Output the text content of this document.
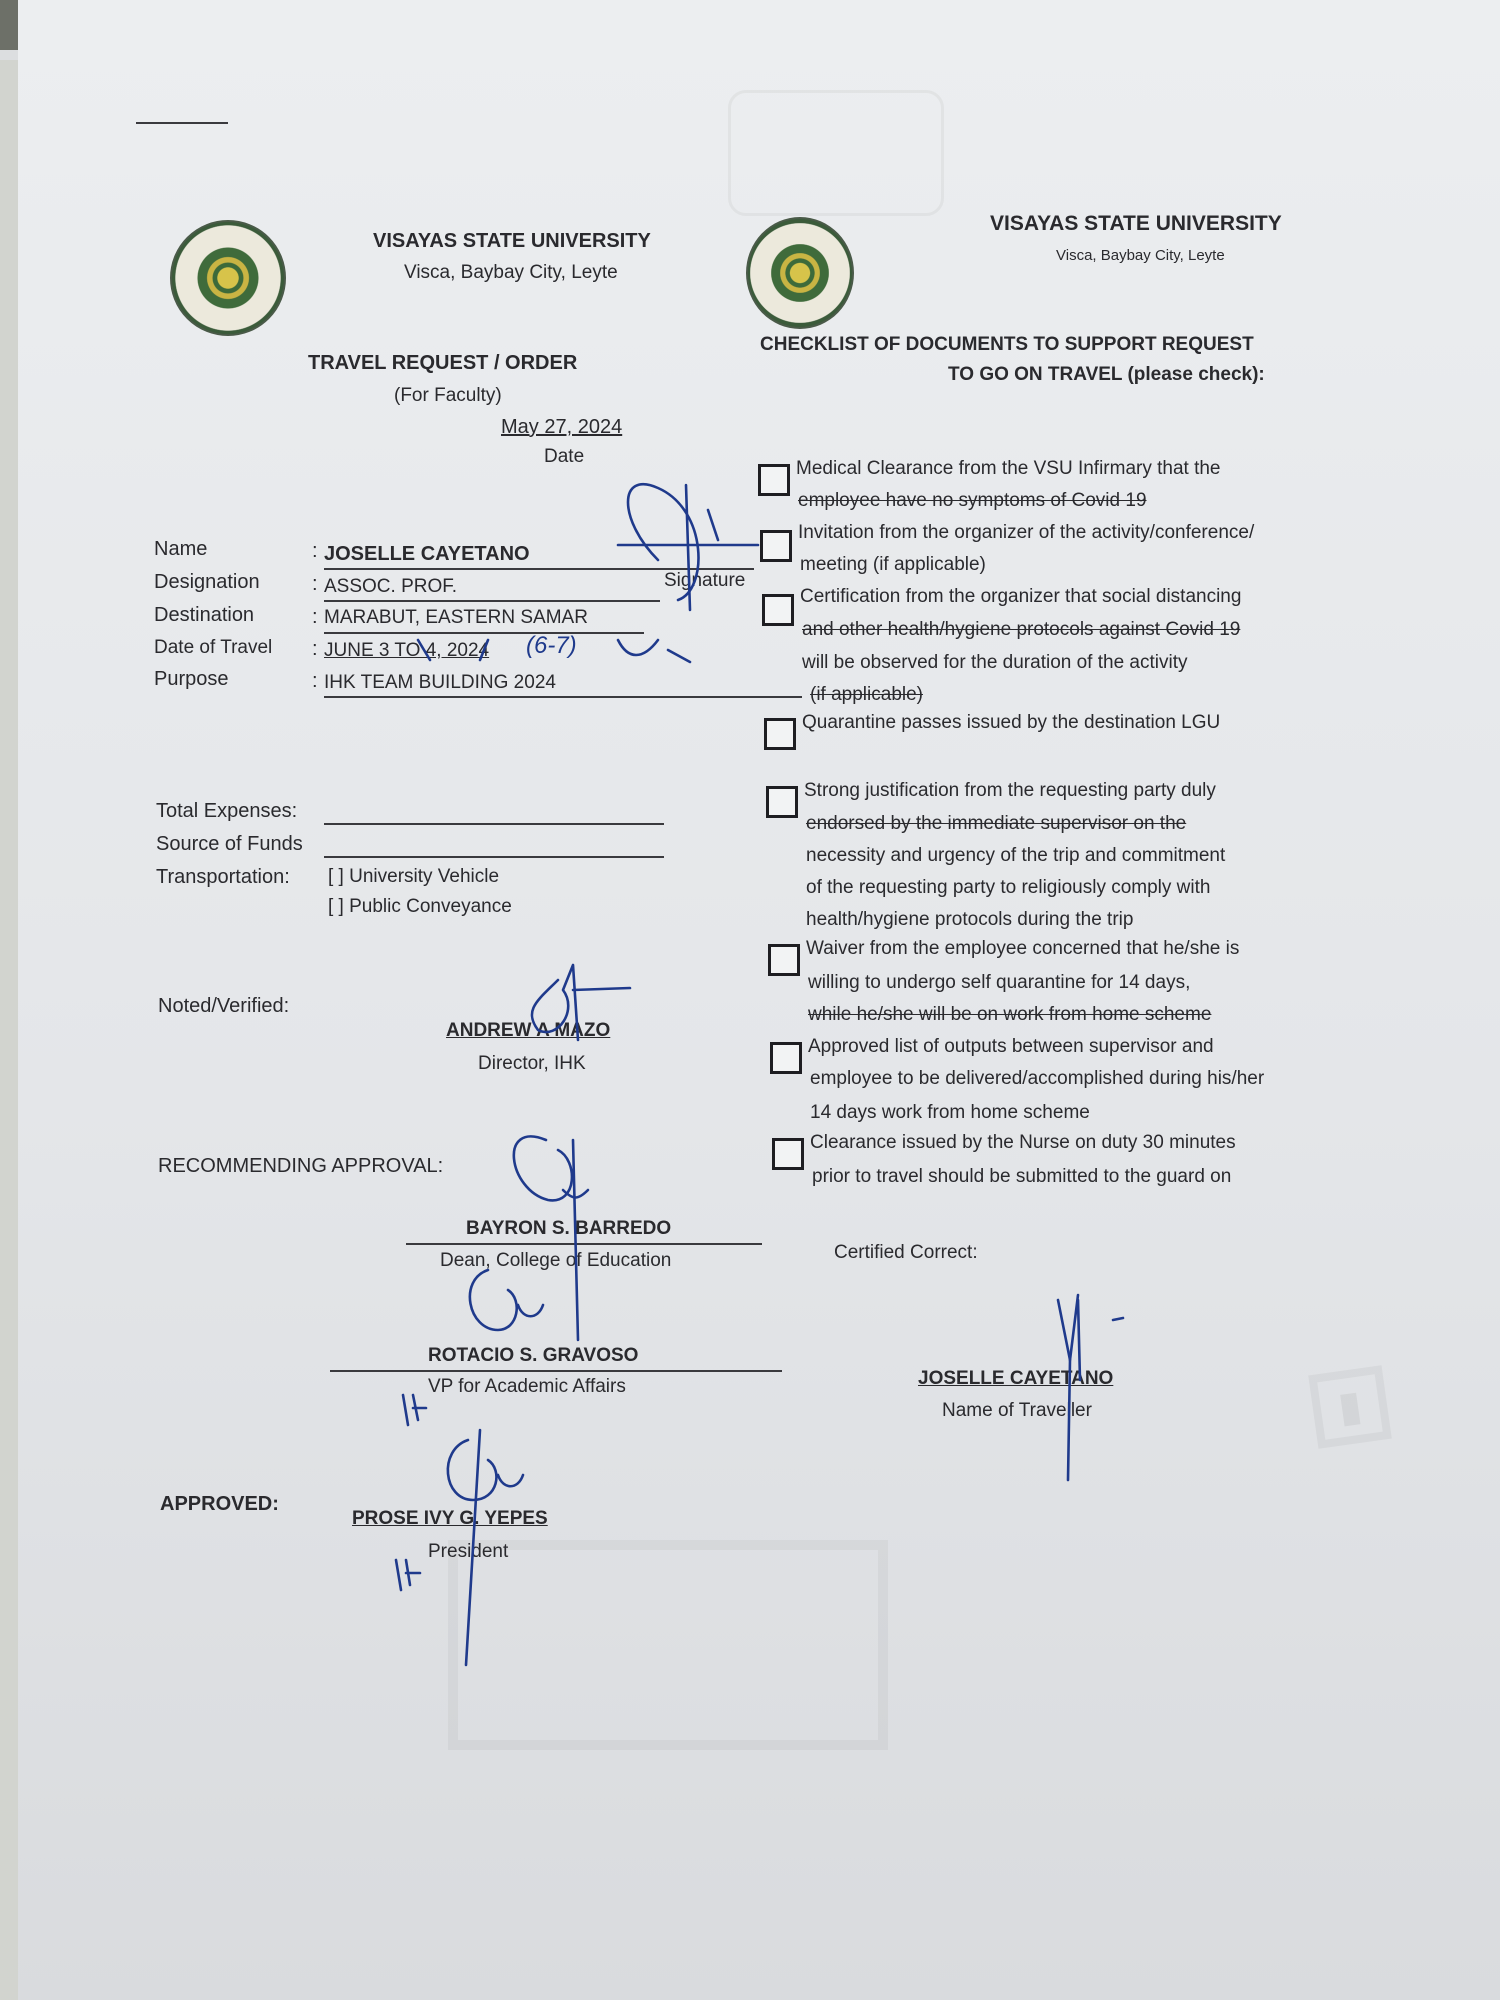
▮
VISAYAS STATE UNIVERSITY
Visca, Baybay City, Leyte
TRAVEL REQUEST / ORDER
(For Faculty)
May 27, 2024
Date
Name	: JOSELLE CAYETANO
Designation	: ASSOC. PROF.	Signature
Destination	: MARABUT, EASTERN SAMAR
Date of Travel : JUNE 3 TO 4, 2024 (6-7)
Purpose	: IHK TEAM BUILDING 2024
Total Expenses:
Source of Funds
Transportation: [ ] University Vehicle
[ ] Public Conveyance
Noted/Verified:
ANDREW A MAZO
Director, IHK
RECOMMENDING APPROVAL:
BAYRON S. BARREDO
Dean, College of Education
ROTACIO S. GRAVOSO
VP for Academic Affairs
APPROVED:
PROSE IVY G. YEPES
President
VISAYAS STATE UNIVERSITY
Visca, Baybay City, Leyte
CHECKLIST OF DOCUMENTS TO SUPPORT REQUEST
TO GO ON TRAVEL (please check):
Medical Clearance from the VSU Infirmary that the
employee have no symptoms of Covid 19
Invitation from the organizer of the activity/conference/
meeting (if applicable)
Certification from the organizer that social distancing
and other health/hygiene protocols against Covid 19
will be observed for the duration of the activity
(if applicable)
Quarantine passes issued by the destination LGU
Strong justification from the requesting party duly
endorsed by the immediate supervisor on the
necessity and urgency of the trip and commitment
of the requesting party to religiously comply with
health/hygiene protocols during the trip
Waiver from the employee concerned that he/she is
willing to undergo self quarantine for 14 days,
while he/she will be on work from home scheme
Approved list of outputs between supervisor and
employee to be delivered/accomplished during his/her
14 days work from home scheme
Clearance issued by the Nurse on duty 30 minutes
prior to travel should be submitted to the guard on
Certified Correct:
JOSELLE CAYETANO
Name of Traveller
